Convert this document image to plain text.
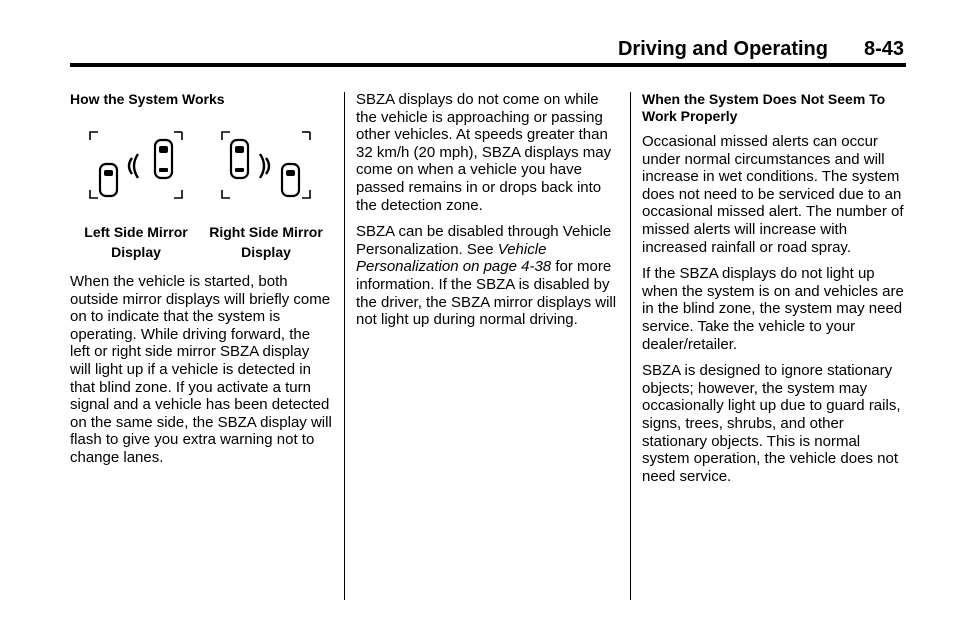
Driving and Operating 8-43

How the System Works

Left Side Mirror
Display
Right Side Mirror
Display

When the vehicle is started, both outside mirror displays will briefly come on to indicate that the system is operating. While driving forward, the left or right side mirror SBZA display will light up if a vehicle is detected in that blind zone. If you activate a turn signal and a vehicle has been detected on the same side, the SBZA display will flash to give you extra warning not to change lanes.

SBZA displays do not come on while the vehicle is approaching or passing other vehicles. At speeds greater than 32 km/h (20 mph), SBZA displays may come on when a vehicle you have passed remains in or drops back into the detection zone.

SBZA can be disabled through Vehicle Personalization. See Vehicle Personalization on page 4-38 for more information. If the SBZA is disabled by the driver, the SBZA mirror displays will not light up during normal driving.

When the System Does Not Seem To Work Properly

Occasional missed alerts can occur under normal circumstances and will increase in wet conditions. The system does not need to be serviced due to an occasional missed alert. The number of missed alerts will increase with increased rainfall or road spray.

If the SBZA displays do not light up when the system is on and vehicles are in the blind zone, the system may need service. Take the vehicle to your dealer/retailer.

SBZA is designed to ignore stationary objects; however, the system may occasionally light up due to guard rails, signs, trees, shrubs, and other stationary objects. This is normal system operation, the vehicle does not need service.
